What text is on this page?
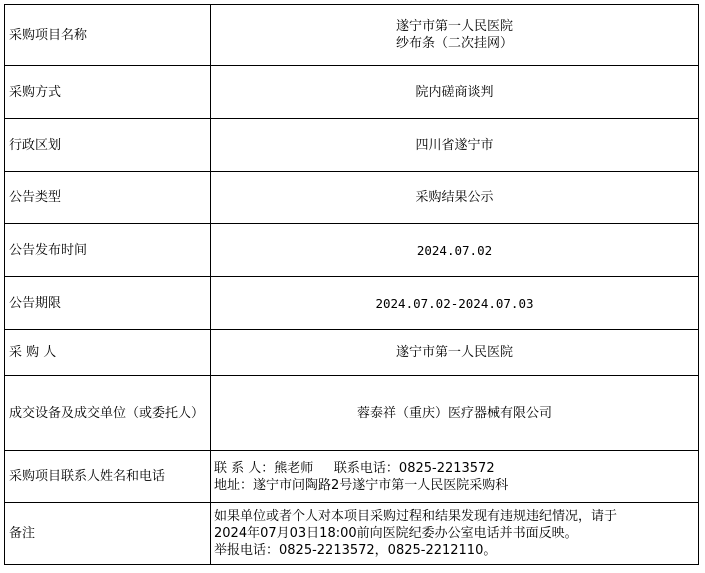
采购项目名称	遂宁市第一人民医院
纱布条（二次挂网）

采购方式	院内磋商谈判
行政区划	四川省遂宁市
公告类型	采购结果公示
公告发布时间	2024.07.02
公告期限	2024.07.02-2024.07.03
采 购 人	遂宁市第一人民医院
成交设备及成交单位（或委托人）	蓉泰祥（重庆）医疗器械有限公司
采购项目联系人姓名和电话	联 系 人：熊老师     联系电话：0825-2213572
地址：遂宁市问陶路2号遂宁市第一人民医院采购科

备注	如果单位或者个人对本项目采购过程和结果发现有违规违纪情况，请于
2024年07月03日18:00前向医院纪委办公室电话并书面反映。
举报电话：0825-2213572，0825-2212110。
